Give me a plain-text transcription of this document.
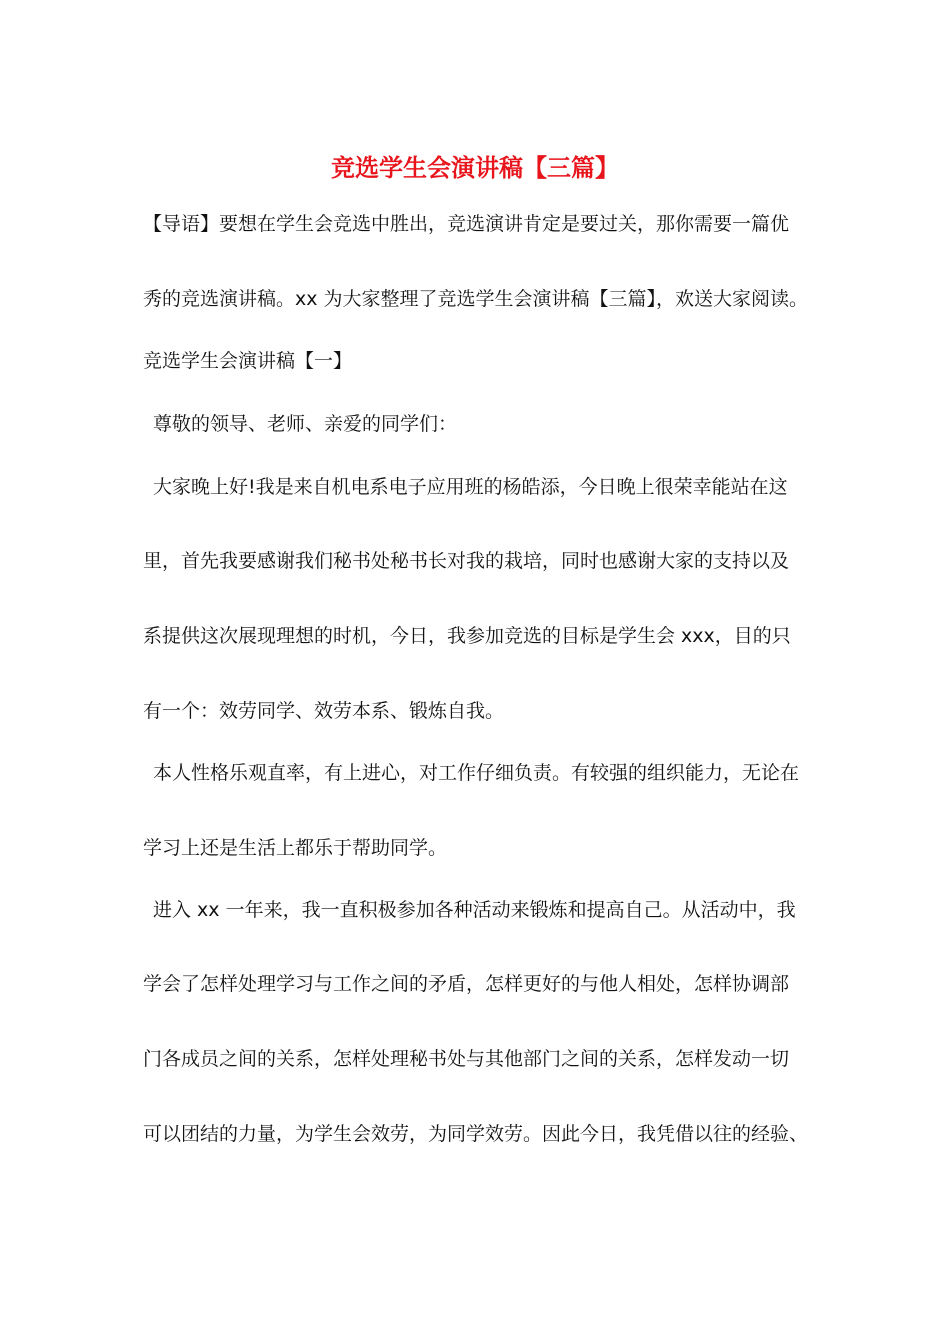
竞选学生会演讲稿【三篇】
【导语】要想在学生会竞选中胜出，竞选演讲肯定是要过关，那你需要一篇优
秀的竞选演讲稿。xx 为大家整理了竞选学生会演讲稿【三篇】，欢送大家阅读。
竞选学生会演讲稿【一】
尊敬的领导、老师、亲爱的同学们：
大家晚上好!我是来自机电系电子应用班的杨皓添，今日晚上很荣幸能站在这
里，首先我要感谢我们秘书处秘书长对我的栽培，同时也感谢大家的支持以及
系提供这次展现理想的时机，今日，我参加竞选的目标是学生会 xxx，目的只
有一个：效劳同学、效劳本系、锻炼自我。
本人性格乐观直率，有上进心，对工作仔细负责。有较强的组织能力，无论在
学习上还是生活上都乐于帮助同学。
进入 xx 一年来，我一直积极参加各种活动来锻炼和提高自己。从活动中，我
学会了怎样处理学习与工作之间的矛盾，怎样更好的与他人相处，怎样协调部
门各成员之间的关系，怎样处理秘书处与其他部门之间的关系，怎样发动一切
可以团结的力量，为学生会效劳，为同学效劳。因此今日，我凭借以往的经验、
